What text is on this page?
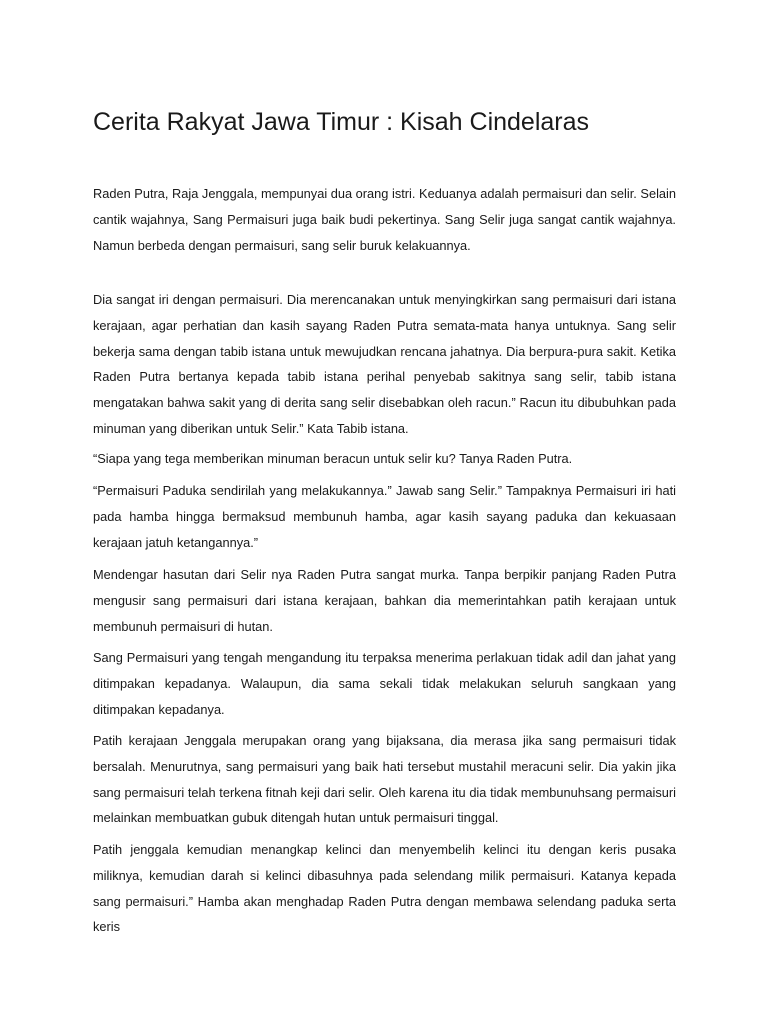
Cerita Rakyat Jawa Timur : Kisah Cindelaras

Raden Putra, Raja Jenggala, mempunyai dua orang istri. Keduanya adalah permaisuri dan selir. Selain cantik wajahnya, Sang Permaisuri juga baik budi pekertinya. Sang Selir juga sangat cantik wajahnya. Namun berbeda dengan permaisuri, sang selir buruk kelakuannya.

Dia sangat iri dengan permaisuri. Dia merencanakan untuk menyingkirkan sang permaisuri dari istana kerajaan, agar perhatian dan kasih sayang Raden Putra semata-mata hanya untuknya. Sang selir bekerja sama dengan tabib istana untuk mewujudkan rencana jahatnya. Dia berpura-pura sakit. Ketika Raden Putra bertanya kepada tabib istana perihal penyebab sakitnya sang selir, tabib istana mengatakan bahwa sakit yang di derita sang selir disebabkan oleh racun.” Racun itu dibubuhkan pada minuman yang diberikan untuk Selir.” Kata Tabib istana.

“Siapa yang tega memberikan minuman beracun untuk selir ku? Tanya Raden Putra.

“Permaisuri Paduka sendirilah yang melakukannya.” Jawab sang Selir.” Tampaknya Permaisuri iri hati pada hamba hingga bermaksud membunuh hamba, agar kasih sayang paduka dan kekuasaan kerajaan jatuh ketangannya.”

Mendengar hasutan dari Selir nya Raden Putra sangat murka. Tanpa berpikir panjang Raden Putra mengusir sang permaisuri dari istana kerajaan, bahkan dia memerintahkan patih kerajaan untuk membunuh permaisuri di hutan.

Sang Permaisuri yang tengah mengandung itu terpaksa menerima perlakuan tidak adil dan jahat yang ditimpakan kepadanya. Walaupun, dia sama sekali tidak melakukan seluruh sangkaan yang ditimpakan kepadanya.

Patih kerajaan Jenggala merupakan orang yang bijaksana, dia merasa jika sang permaisuri tidak bersalah. Menurutnya, sang permaisuri yang baik hati tersebut mustahil meracuni selir. Dia yakin jika sang permaisuri telah terkena fitnah keji dari selir. Oleh karena itu dia tidak membunuhsang permaisuri melainkan membuatkan gubuk ditengah hutan untuk permaisuri tinggal.

Patih jenggala kemudian menangkap kelinci dan menyembelih kelinci itu dengan keris pusaka miliknya, kemudian darah si kelinci dibasuhnya pada selendang milik permaisuri. Katanya kepada sang permaisuri.” Hamba akan menghadap Raden Putra dengan membawa selendang paduka serta keris
